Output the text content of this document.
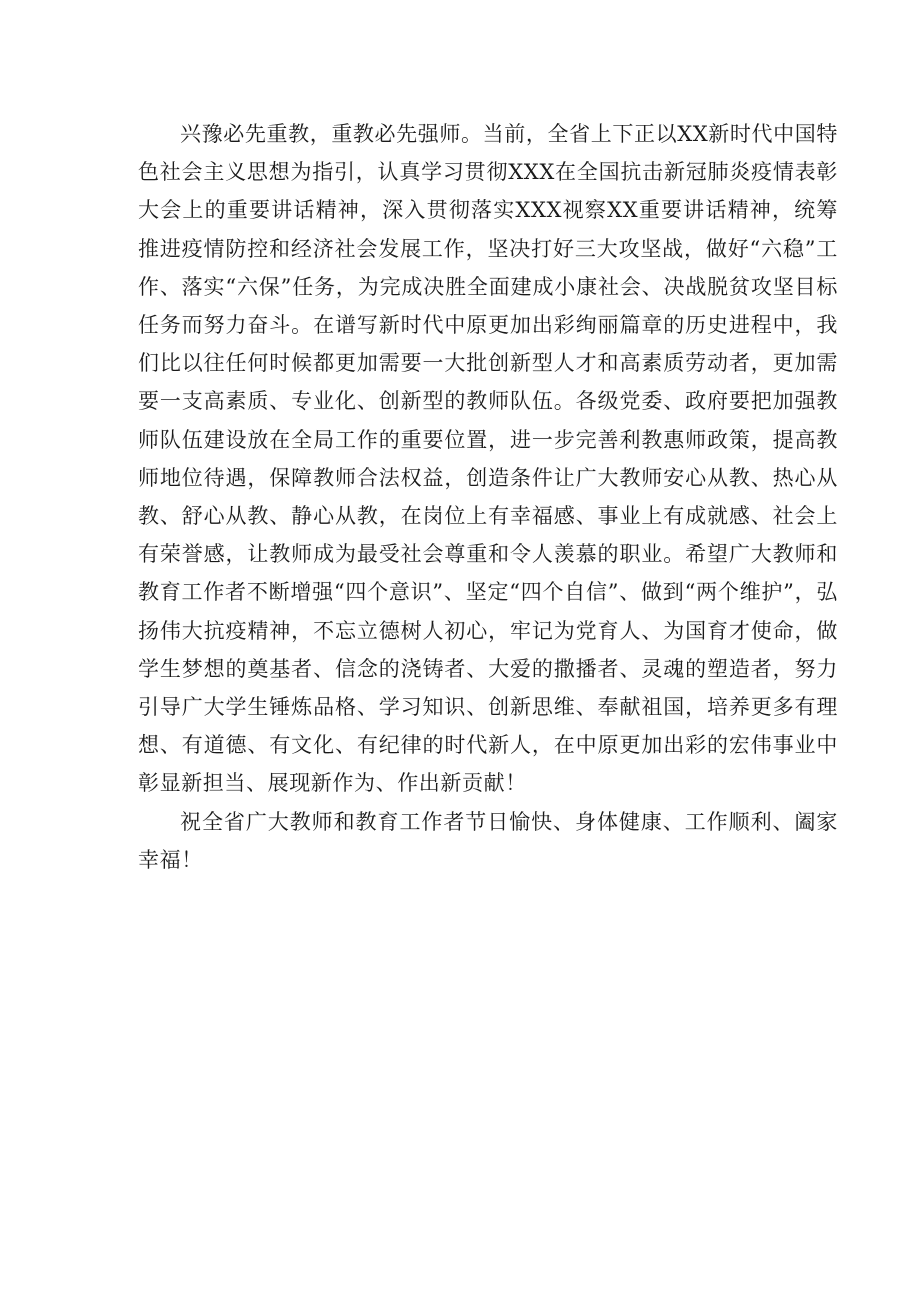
兴豫必先重教，重教必先强师。当前，全省上下正以XX新时代中国特色社会主义思想为指引，认真学习贯彻XXX在全国抗击新冠肺炎疫情表彰大会上的重要讲话精神，深入贯彻落实XXX视察XX重要讲话精神，统筹推进疫情防控和经济社会发展工作，坚决打好三大攻坚战，做好“六稳”工作、落实“六保”任务，为完成决胜全面建成小康社会、决战脱贫攻坚目标任务而努力奋斗。在谱写新时代中原更加出彩绚丽篇章的历史进程中，我们比以往任何时候都更加需要一大批创新型人才和高素质劳动者，更加需要一支高素质、专业化、创新型的教师队伍。各级党委、政府要把加强教师队伍建设放在全局工作的重要位置，进一步完善利教惠师政策，提高教师地位待遇，保障教师合法权益，创造条件让广大教师安心从教、热心从教、舒心从教、静心从教，在岗位上有幸福感、事业上有成就感、社会上有荣誉感，让教师成为最受社会尊重和令人羡慕的职业。希望广大教师和教育工作者不断增强“四个意识”、坚定“四个自信”、做到“两个维护”，弘扬伟大抗疫精神，不忘立德树人初心，牢记为党育人、为国育才使命，做学生梦想的奠基者、信念的浇铸者、大爱的撒播者、灵魂的塑造者，努力引导广大学生锤炼品格、学习知识、创新思维、奉献祖国，培养更多有理想、有道德、有文化、有纪律的时代新人，在中原更加出彩的宏伟事业中彰显新担当、展现新作为、作出新贡献！

祝全省广大教师和教育工作者节日愉快、身体健康、工作顺利、阖家幸福！
